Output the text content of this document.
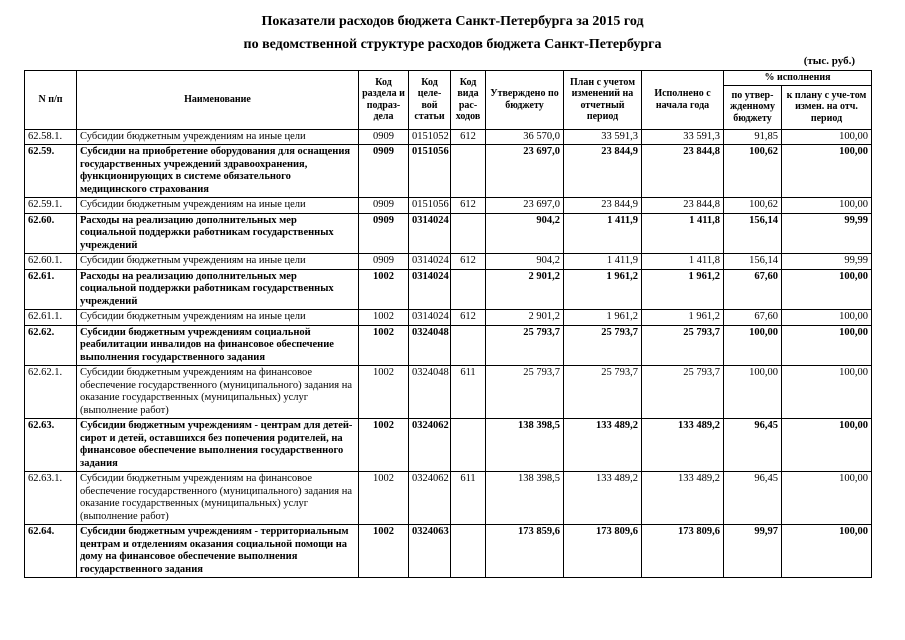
Показатели расходов бюджета Санкт-Петербурга за 2015 год
по ведомственной структуре расходов бюджета Санкт-Петербурга
(тыс. руб.)
N п/п	Наименование	Код раздела и подраз-дела	Код целе-вой статьи	Код вида рас-ходов	Утверждено по бюджету	План с учетом изменений на отчетный период	Исполнено с начала года	% исполнения	
								по утвер-жденному бюджету	к плану с уче-том измен. на отч. период
62.58.1.	Субсидии бюджетным учреждениям на иные цели	0909	0151052	612	36 570,0	33 591,3	33 591,3	91,85	100,00
62.59.	Субсидии на приобретение оборудования для оснащения государственных учреждений здравоохранения, функционирующих в системе обязательного медицинского страхования	0909	0151056		23 697,0	23 844,9	23 844,8	100,62	100,00
62.59.1.	Субсидии бюджетным учреждениям на иные цели	0909	0151056	612	23 697,0	23 844,9	23 844,8	100,62	100,00
62.60.	Расходы на реализацию дополнительных мер социальной поддержки работникам государственных учреждений	0909	0314024		904,2	1 411,9	1 411,8	156,14	99,99
62.60.1.	Субсидии бюджетным учреждениям на иные цели	0909	0314024	612	904,2	1 411,9	1 411,8	156,14	99,99
62.61.	Расходы на реализацию дополнительных мер социальной поддержки работникам государственных учреждений	1002	0314024		2 901,2	1 961,2	1 961,2	67,60	100,00
62.61.1.	Субсидии бюджетным учреждениям на иные цели	1002	0314024	612	2 901,2	1 961,2	1 961,2	67,60	100,00
62.62.	Субсидии бюджетным учреждениям социальной реабилитации инвалидов на финансовое обеспечение выполнения государственного задания	1002	0324048		25 793,7	25 793,7	25 793,7	100,00	100,00
62.62.1.	Субсидии бюджетным учреждениям на финансовое обеспечение государственного (муниципального) задания на оказание государственных (муниципальных) услуг (выполнение работ)	1002	0324048	611	25 793,7	25 793,7	25 793,7	100,00	100,00
62.63.	Субсидии бюджетным учреждениям - центрам для детей-сирот и детей, оставшихся без попечения родителей, на финансовое обеспечение выполнения государственного задания	1002	0324062		138 398,5	133 489,2	133 489,2	96,45	100,00
62.63.1.	Субсидии бюджетным учреждениям на финансовое обеспечение государственного (муниципального) задания на оказание государственных (муниципальных) услуг (выполнение работ)	1002	0324062	611	138 398,5	133 489,2	133 489,2	96,45	100,00
62.64.	Субсидии бюджетным учреждениям - территориальным центрам и отделениям оказания социальной помощи на дому на финансовое обеспечение выполнения государственного задания	1002	0324063		173 859,6	173 809,6	173 809,6	99,97	100,00
